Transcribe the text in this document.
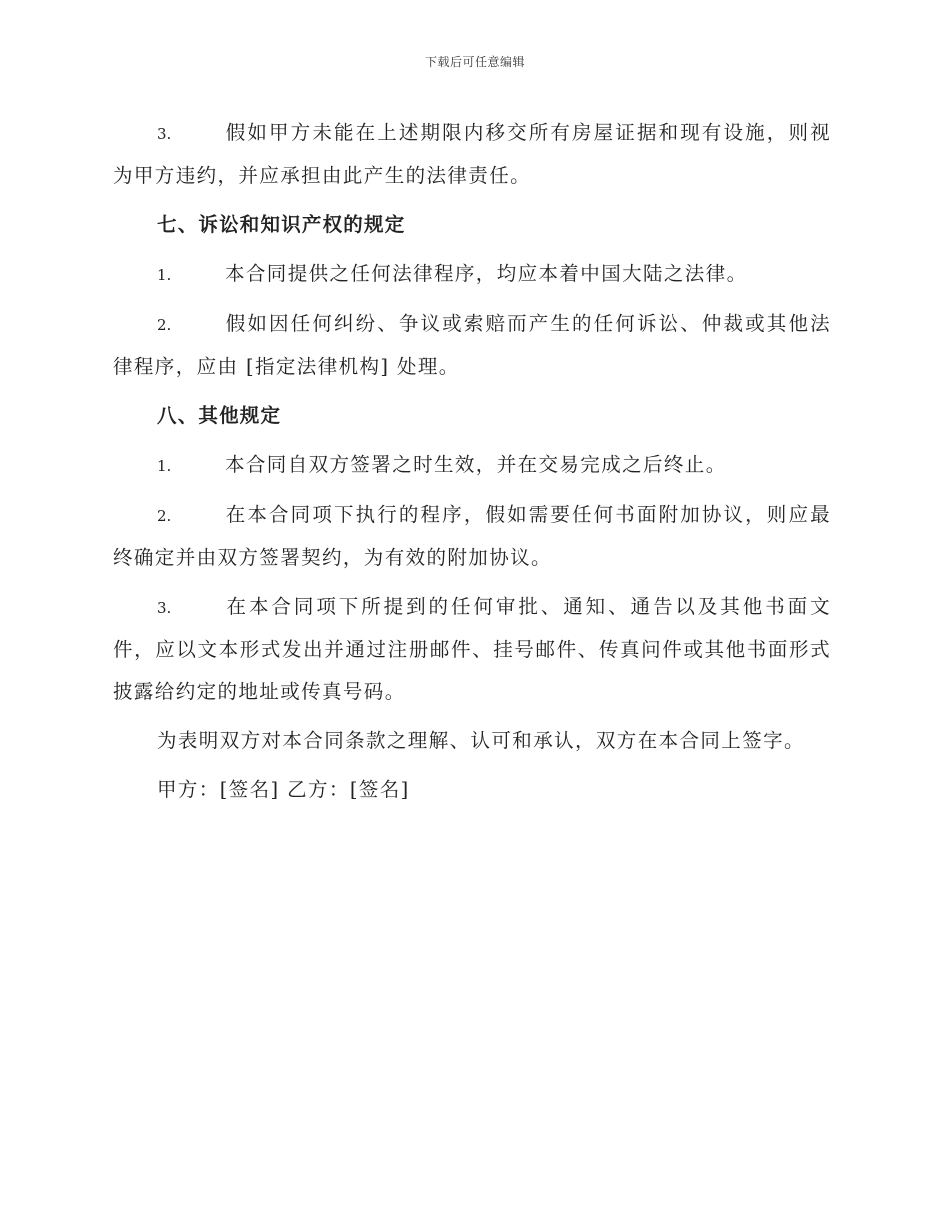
下载后可任意编辑

3.	假如甲方未能在上述期限内移交所有房屋证据和现有设施，则视为甲方违约，并应承担由此产生的法律责任。

七、诉讼和知识产权的规定

1.	本合同提供之任何法律程序，均应本着中国大陆之法律。

2.	假如因任何纠纷、争议或索赔而产生的任何诉讼、仲裁或其他法律程序，应由 [指定法律机构] 处理。

八、其他规定

1.	本合同自双方签署之时生效，并在交易完成之后终止。

2.	在本合同项下执行的程序，假如需要任何书面附加协议，则应最终确定并由双方签署契约，为有效的附加协议。

3.	在本合同项下所提到的任何审批、通知、通告以及其他书面文件，应以文本形式发出并通过注册邮件、挂号邮件、传真问件或其他书面形式披露给约定的地址或传真号码。

为表明双方对本合同条款之理解、认可和承认，双方在本合同上签字。

甲方：[签名] 乙方：[签名]
